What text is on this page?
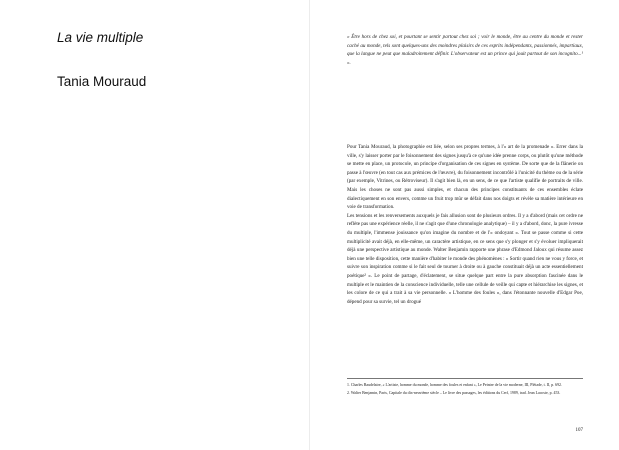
La vie multiple

Tania Mouraud

« Être hors de chez soi, et pourtant se sentir partout chez soi ; voir le monde, être au centre du monde et rester caché au monde, tels sont quelques-uns des moindres plaisirs de ces esprits indépendants, passionnés, impartiaux, que la langue ne peut que maladroitement définir. L'observateur est un prince qui jouit partout de son incognito...¹ ».

Pour Tania Mouraud, la photographie est liée, selon ses propres termes, à l'« art de la promenade ». Errer dans la ville, s'y laisser porter par le foisonnement des signes jusqu'à ce qu'une idée prenne corps, ou plutôt qu'une méthode se mette en place, un protocole, un principe d'organisation de ces signes en système. De sorte que de la flânerie on passe à l'œuvre (en tout cas aux prémices de l'œuvre), du foisonnement incontrôlé à l'unicité du thème ou de la série (par exemple, Vitrines, ou Rétroviseur). Il s'agit bien là, en un sens, de ce que l'artiste qualifie de portraits de ville. Mais les choses ne sont pas aussi simples, et chacun des principes constituants de ces ensembles éclate dialectiquement en son envers, comme un fruit trop mûr se défait dans nos doigts et révèle sa matière intérieure en voie de transformation.

Les tensions et les renversements auxquels je fais allusion sont de plusieurs ordres. Il y a d'abord (mais cet ordre ne reflète pas une expérience réelle, il ne s'agit que d'une chronologie analytique) – il y a d'abord, donc, la pure ivresse du multiple, l'immense jouissance qu'on imagine du nombre et de l'« ondoyant ». Tout se passe comme si cette multiplicité avait déjà, en elle-même, un caractère artistique, en ce sens que s'y plonger et s'y évoluer impliquerait déjà une perspective artistique au monde. Walter Benjamin rapporte une phrase d'Edmond Jaloux qui résume assez bien une telle disposition, cette manière d'habiter le monde des phénomènes : « Sortir quand rien ne vous y force, et suivre son inspiration comme si le fait seul de tourner à droite ou à gauche constituait déjà un acte essentiellement poétique² ». Le point de partage, d'éclatement, se situe quelque part entre la pure absorption fascinée dans le multiple et le maintien de la conscience individuelle, telle une cellule de veille qui capte et hiérarchise les signes, et les colore de ce qui a trait à sa vie personnelle. « L'homme des foules », dans l'étonnante nouvelle d'Edgar Poe, dépend pour sa survie, tel un drogué

1. Charles Baudelaire, « L'artiste, homme du monde, homme des foules et enfant », Le Peintre de la vie moderne, III, Pléiade, t. II, p. 692.

2. Walter Benjamin, Paris, Capitale du dix-neuvième siècle – Le livre des passages, les éditions du Cerf, 1989, trad. Jean Lacoste, p. 453.

107
